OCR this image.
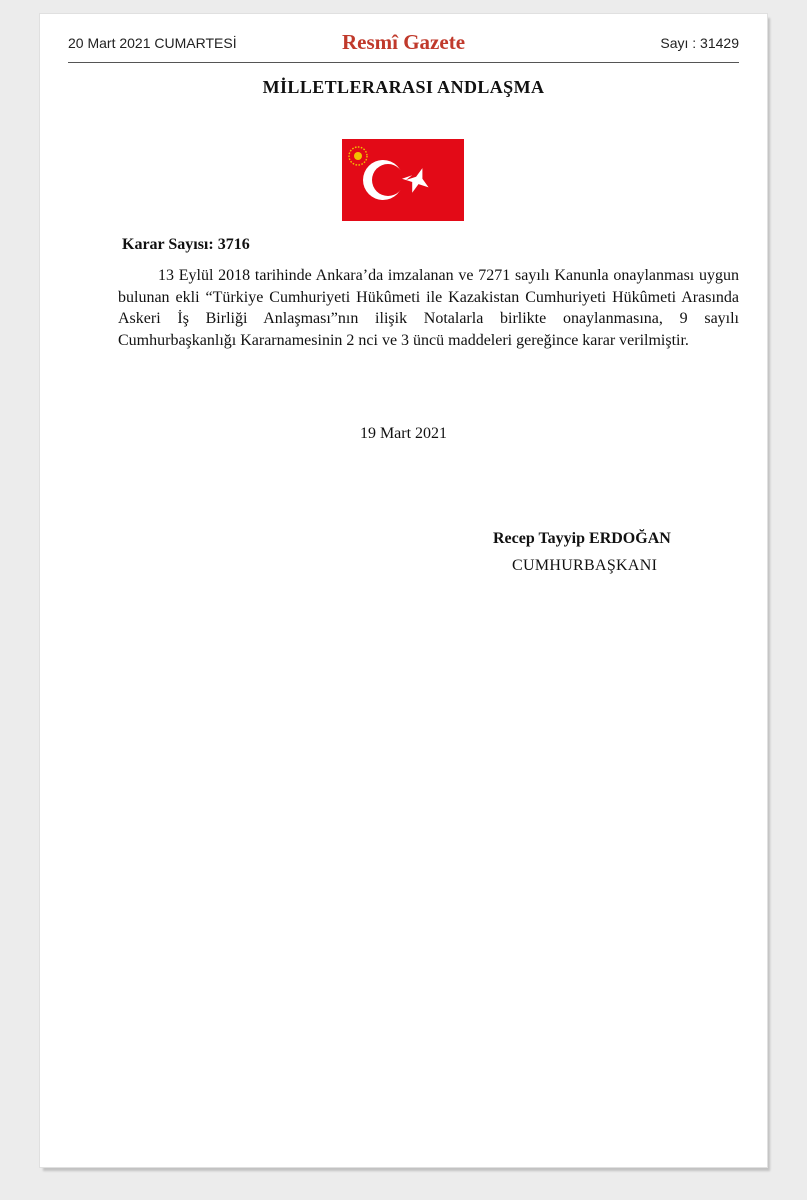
20 Mart 2021 CUMARTESİ	Resmî Gazete	Sayı : 31429
MİLLETLERARASI ANDLAŞMA
Karar Sayısı: 3716
13 Eylül 2018 tarihinde Ankara’da imzalanan ve 7271 sayılı Kanunla onaylanması uygun bulunan ekli “Türkiye Cumhuriyeti Hükûmeti ile Kazakistan Cumhuriyeti Hükûmeti Arasında Askeri İş Birliği Anlaşması”nın ilişik Notalarla birlikte onaylanmasına, 9 sayılı Cumhurbaşkanlığı Kararnamesinin 2 nci ve 3 üncü maddeleri gereğince karar verilmiştir.
19 Mart 2021
Recep Tayyip ERDOĞAN
CUMHURBAŞKANI
